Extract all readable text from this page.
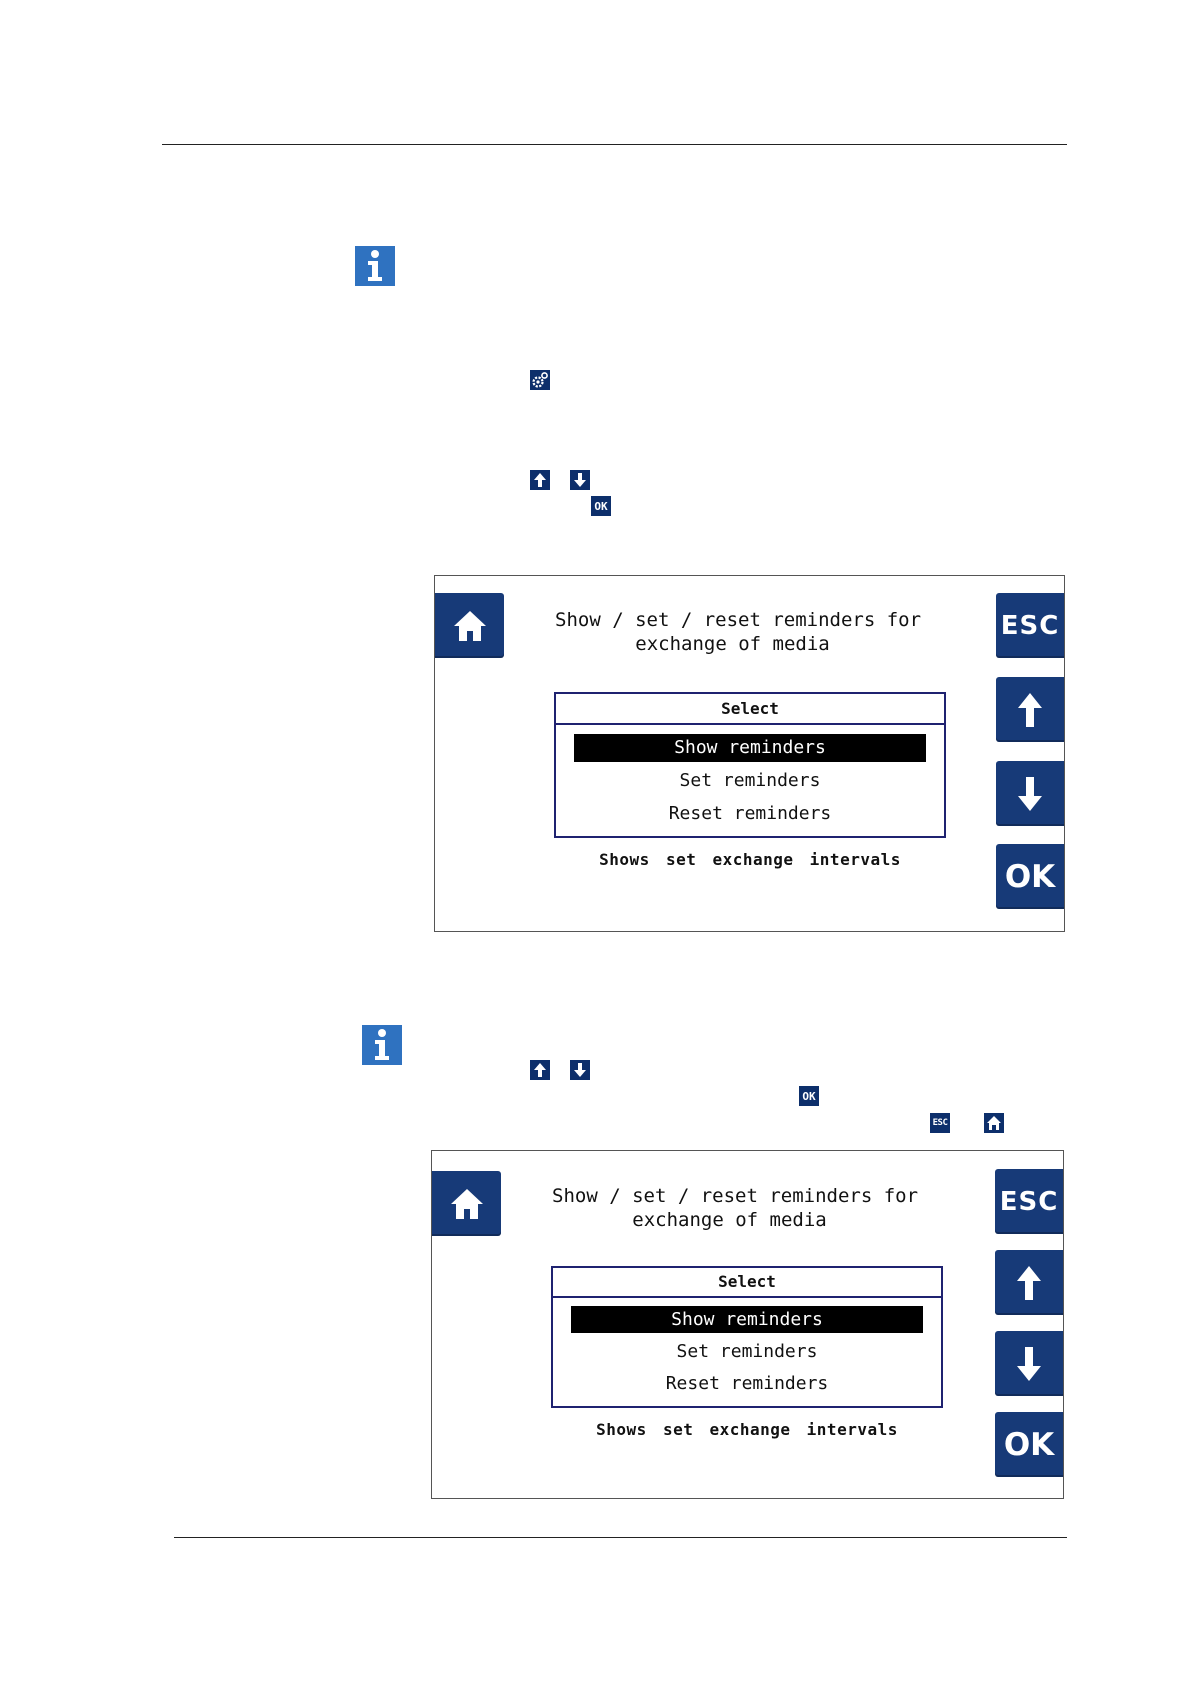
OK
Show / set / reset reminders for
exchange of media
Select
Show reminders
Set reminders
Reset reminders
Shows set exchange intervals
ESC
OK
OK
ESC
Show / set / reset reminders for
exchange of media
Select
Show reminders
Set reminders
Reset reminders
Shows set exchange intervals
ESC
OK
